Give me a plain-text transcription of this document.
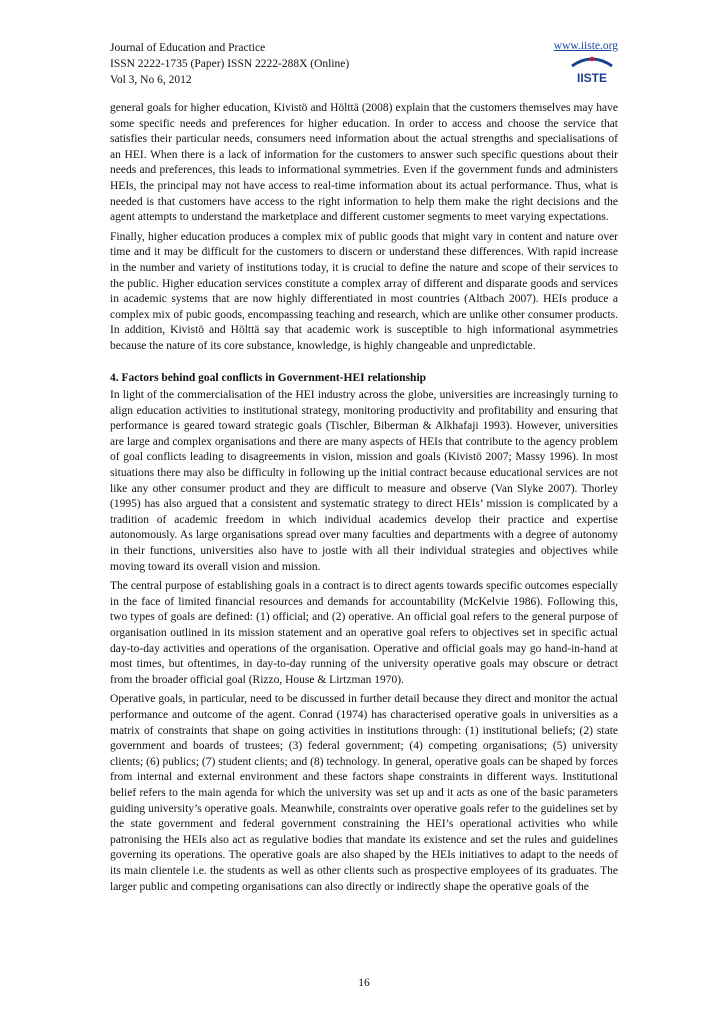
Journal of Education and Practice	www.iiste.org
ISSN 2222-1735 (Paper) ISSN 2222-288X (Online)
Vol 3, No 6, 2012	IISTE

general goals for higher education, Kivistö and Hölttä (2008) explain that the customers themselves may have some specific needs and preferences for higher education. In order to access and choose the service that satisfies their particular needs, consumers need information about the actual strengths and specialisations of an HEI. When there is a lack of information for the customers to answer such specific questions about their needs and preferences, this leads to informational symmetries. Even if the government funds and administers HEIs, the principal may not have access to real-time information about its actual performance. Thus, what is needed is that customers have access to the right information to help them make the right decisions and the agent attempts to understand the marketplace and different customer segments to meet varying expectations.

Finally, higher education produces a complex mix of public goods that might vary in content and nature over time and it may be difficult for the customers to discern or understand these differences. With rapid increase in the number and variety of institutions today, it is crucial to define the nature and scope of their services to the public. Higher education services constitute a complex array of different and disparate goods and services in academic systems that are now highly differentiated in most countries (Altbach 2007). HEIs produce a complex mix of pubic goods, encompassing teaching and research, which are unlike other consumer products. In addition, Kivistö and Hölttä say that academic work is susceptible to high informational asymmetries because the nature of its core substance, knowledge, is highly changeable and unpredictable.

4. Factors behind goal conflicts in Government-HEI relationship

In light of the commercialisation of the HEI industry across the globe, universities are increasingly turning to align education activities to institutional strategy, monitoring productivity and profitability and ensuring that performance is geared toward strategic goals (Tischler, Biberman & Alkhafaji 1993). However, universities are large and complex organisations and there are many aspects of HEIs that contribute to the agency problem of goal conflicts leading to disagreements in vision, mission and goals (Kivistö 2007; Massy 1996). In most situations there may also be difficulty in following up the initial contract because educational services are not like any other consumer product and they are difficult to measure and observe (Van Slyke 2007). Thorley (1995) has also argued that a consistent and systematic strategy to direct HEIs’ mission is complicated by a tradition of academic freedom in which individual academics develop their practice and expertise autonomously. As large organisations spread over many faculties and departments with a degree of autonomy in their functions, universities also have to jostle with all their individual strategies and objectives while moving toward its overall vision and mission.

The central purpose of establishing goals in a contract is to direct agents towards specific outcomes especially in the face of limited financial resources and demands for accountability (McKelvie 1986). Following this, two types of goals are defined: (1) official; and (2) operative. An official goal refers to the general purpose of organisation outlined in its mission statement and an operative goal refers to objectives set in specific actual day-to-day activities and operations of the organisation. Operative and official goals may go hand-in-hand at most times, but oftentimes, in day-to-day running of the university operative goals may obscure or detract from the broader official goal (Rizzo, House & Lirtzman 1970).

Operative goals, in particular, need to be discussed in further detail because they direct and monitor the actual performance and outcome of the agent. Conrad (1974) has characterised operative goals in universities as a matrix of constraints that shape on going activities in institutions through: (1) institutional beliefs; (2) state government and boards of trustees; (3) federal government; (4) competing organisations; (5) university clients; (6) publics; (7) student clients; and (8) technology. In general, operative goals can be shaped by forces from internal and external environment and these factors shape constraints in different ways. Institutional belief refers to the main agenda for which the university was set up and it acts as one of the basic parameters guiding university’s operative goals. Meanwhile, constraints over operative goals refer to the guidelines set by the state government and federal government constraining the HEI’s operational activities who while patronising the HEIs also act as regulative bodies that mandate its existence and set the rules and guidelines governing its operations. The operative goals are also shaped by the HEIs initiatives to adapt to the needs of its main clientele i.e. the students as well as other clients such as prospective employees of its graduates. The larger public and competing organisations can also directly or indirectly shape the operative goals of the

16
